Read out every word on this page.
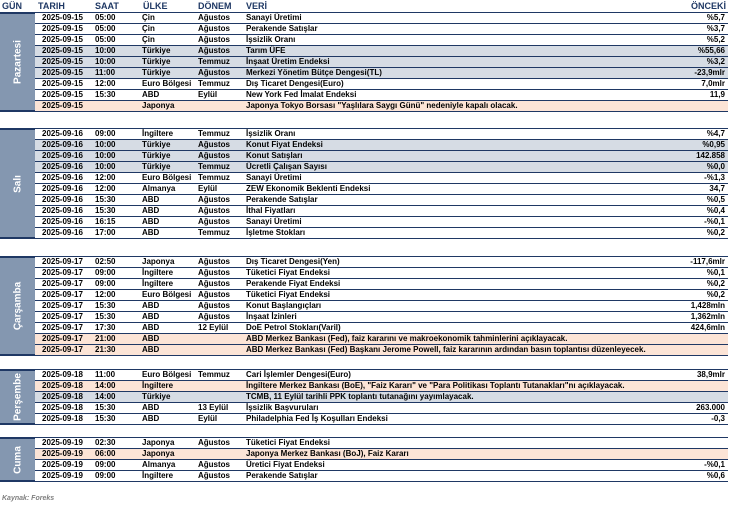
GÜN TARIH	SAAT	ÜLKE	DÖNEM VERİ	ÖNCEKİ
Pazartesi
2025-09-15 05:00	Çin	Ağustos Sanayi Üretimi	%5,7
2025-09-15 05:00	Çin	Ağustos Perakende Satışlar	%3,7
2025-09-15 05:00	Çin	Ağustos İşsizlik Oranı	%5,2
2025-09-15 10:00	Türkiye	Ağustos Tarım ÜFE	%55,66
2025-09-15 10:00	Türkiye	Temmuz İnşaat Üretim Endeksi	%3,2
2025-09-15 11:00	Türkiye	Ağustos Merkezi Yönetim Bütçe Dengesi(TL)	-23,9mlr
2025-09-15 12:00	Euro Bölgesi Temmuz Dış Ticaret Dengesi(Euro)	7,0mlr
2025-09-15 15:30	ABD	Eylül	New York Fed İmalat Endeksi	11,9
2025-09-15	Japonya	Japonya Tokyo Borsası "Yaşlılara Saygı Günü" nedeniyle kapalı olacak.
Salı
2025-09-16 09:00	İngiltere	Temmuz İşsizlik Oranı	%4,7
2025-09-16 10:00	Türkiye	Ağustos Konut Fiyat Endeksi	%0,95
2025-09-16 10:00	Türkiye	Ağustos Konut Satışları	142.858
2025-09-16 10:00	Türkiye	Temmuz Ücretli Çalışan Sayısı	%0,0
2025-09-16 12:00	Euro Bölgesi Temmuz Sanayi Üretimi	-%1,3
2025-09-16 12:00	Almanya	Eylül	ZEW Ekonomik Beklenti Endeksi	34,7
2025-09-16 15:30	ABD	Ağustos Perakende Satışlar	%0,5
2025-09-16 15:30	ABD	Ağustos İthal Fiyatları	%0,4
2025-09-16 16:15	ABD	Ağustos Sanayi Üretimi	-%0,1
2025-09-16 17:00	ABD	Temmuz İşletme Stokları	%0,2
Çarşamba
2025-09-17 02:50	Japonya	Ağustos Dış Ticaret Dengesi(Yen)	-117,6mlr
2025-09-17 09:00	İngiltere	Ağustos Tüketici Fiyat Endeksi	%0,1
2025-09-17 09:00	İngiltere	Ağustos Perakende Fiyat Endeksi	%0,2
2025-09-17 12:00	Euro Bölgesi Ağustos Tüketici Fiyat Endeksi	%0,2
2025-09-17 15:30	ABD	Ağustos Konut Başlangıçları	1,428mln
2025-09-17 15:30	ABD	Ağustos İnşaat İzinleri	1,362mln
2025-09-17 17:30	ABD	12 Eylül DoE Petrol Stokları(Varil)	424,6mln
2025-09-17 21:00	ABD	ABD Merkez Bankası (Fed), faiz kararını ve makroekonomik tahminlerini açıklayacak.
2025-09-17 21:30	ABD	ABD Merkez Bankası (Fed) Başkanı Jerome Powell, faiz kararının ardından basın toplantısı düzenleyecek.
Perşembe 2025-09-18 11:00	Euro Bölgesi Temmuz Cari İşlemler Dengesi(Euro)	38,9mlr
2025-09-18 14:00	İngiltere	İngiltere Merkez Bankası (BoE), "Faiz Kararı" ve "Para Politikası Toplantı Tutanakları"nı açıklayacak.
2025-09-18 14:00	Türkiye	TCMB, 11 Eylül tarihli PPK toplantı tutanağını yayımlayacak.
2025-09-18 15:30	ABD	13 Eylül İşsizlik Başvuruları	263.000
2025-09-18 15:30	ABD	Eylül	Philadelphia Fed İş Koşulları Endeksi	-0,3
Cuma
2025-09-19 02:30	Japonya	Ağustos Tüketici Fiyat Endeksi
2025-09-19 06:00	Japonya	Japonya Merkez Bankası (BoJ), Faiz Kararı
2025-09-19 09:00	Almanya	Ağustos Üretici Fiyat Endeksi	-%0,1
2025-09-19 09:00	İngiltere	Ağustos Perakende Satışlar	%0,6
Kaynak: Foreks
